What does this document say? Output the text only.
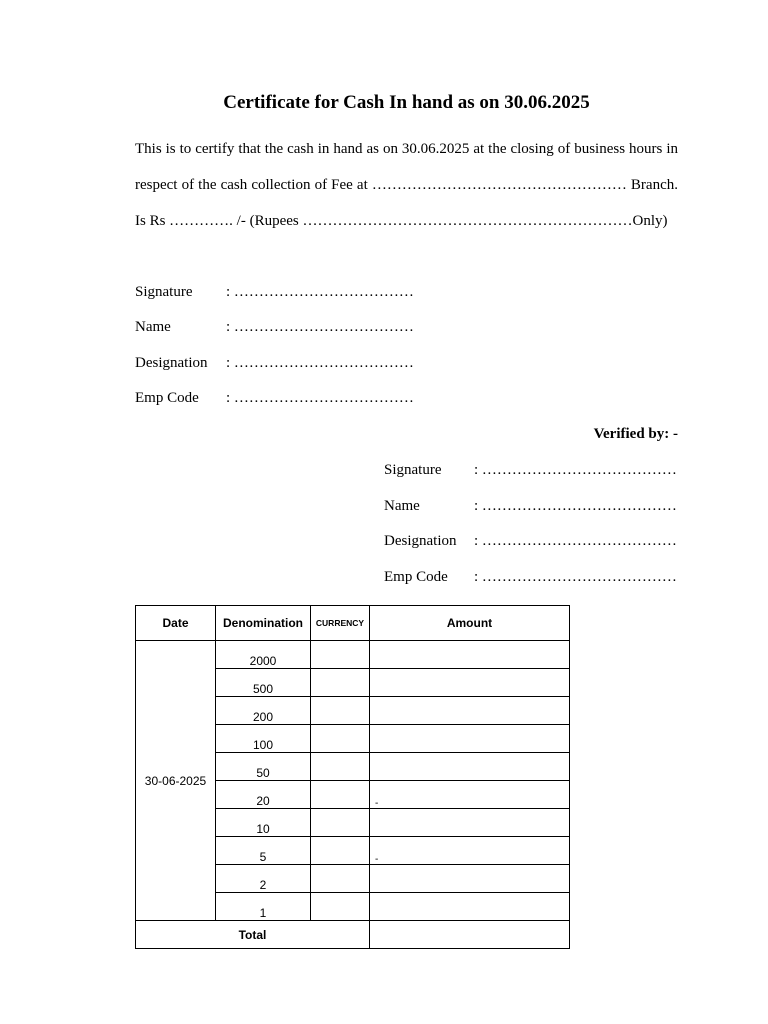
Certificate for Cash In hand as on 30.06.2025
This is to certify that the cash in hand as on 30.06.2025 at the closing of business hours in
respect of the cash collection of Fee at …………………………………………… Branch.
Is Rs …………. /- (Rupees …………………………………………………………Only)
Signature : ………………………………
Name	: ………………………………
Designation : ………………………………
Emp Code : ………………………………
Verified by: -
Signature : …………………………………
Name	: …………………………………
Designation : …………………………………
Emp Code : …………………………………
Date	Denomination	CURRENCY	Amount
30-06-2025	2000		
	500		
	200		
	100		
	50		
	20		-

	10		
	5		-

	2		
	1		
Total			
